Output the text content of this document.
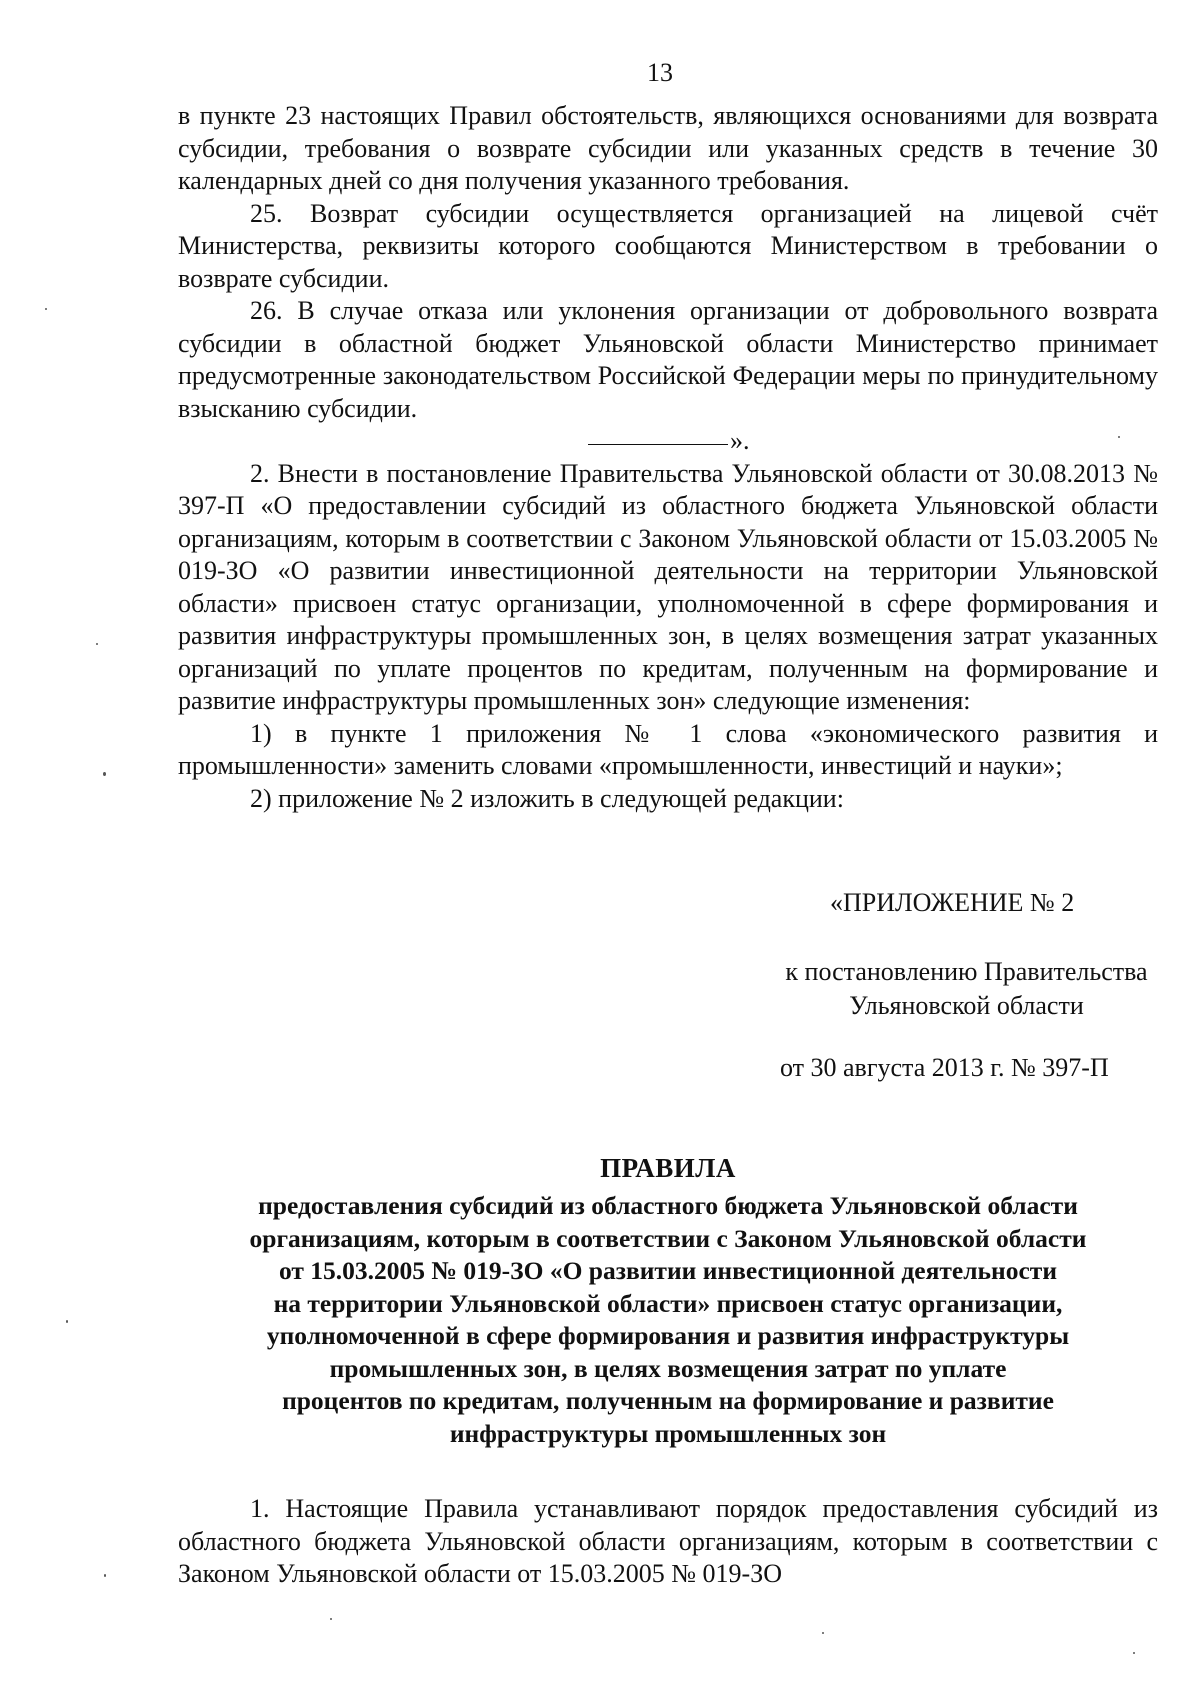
13

в пункте 23 настоящих Правил обстоятельств, являющихся основаниями для возврата субсидии, требования о возврате субсидии или указанных средств в течение 30 календарных дней со дня получения указанного требования.

25. Возврат субсидии осуществляется организацией на лицевой счёт Министерства, реквизиты которого сообщаются Министерством в требовании о возврате субсидии.

26. В случае отказа или уклонения организации от добровольного возврата субсидии в областной бюджет Ульяновской области Министерство принимает предусмотренные законодательством Российской Федерации меры по принудительному взысканию субсидии.

».

2. Внести в постановление Правительства Ульяновской области от 30.08.2013 № 397-П «О предоставлении субсидий из областного бюджета Ульяновской области организациям, которым в соответствии с Законом Ульяновской области от 15.03.2005 № 019-ЗО «О развитии инвестиционной деятельности на территории Ульяновской области» присвоен статус организации, уполномоченной в сфере формирования и развития инфраструктуры промышленных зон, в целях возмещения затрат указанных организаций по уплате процентов по кредитам, полученным на формирование и развитие инфраструктуры промышленных зон» следующие изменения:

1) в пункте 1 приложения № 1 слова «экономического развития и промышленности» заменить словами «промышленности, инвестиций и науки»;

2) приложение № 2 изложить в следующей редакции:

«ПРИЛОЖЕНИЕ № 2
к постановлению Правительства
Ульяновской области
от 30 августа 2013 г. № 397-П
ПРАВИЛА
предоставления субсидий из областного бюджета Ульяновской области
организациям, которым в соответствии с Законом Ульяновской области
от 15.03.2005 № 019-ЗО «О развитии инвестиционной деятельности
на территории Ульяновской области» присвоен статус организации,
уполномоченной в сфере формирования и развития инфраструктуры
промышленных зон, в целях возмещения затрат по уплате
процентов по кредитам, полученным на формирование и развитие
инфраструктуры промышленных зон

1. Настоящие Правила устанавливают порядок предоставления субсидий из областного бюджета Ульяновской области организациям, которым в соответствии с Законом Ульяновской области от 15.03.2005 № 019-ЗО
